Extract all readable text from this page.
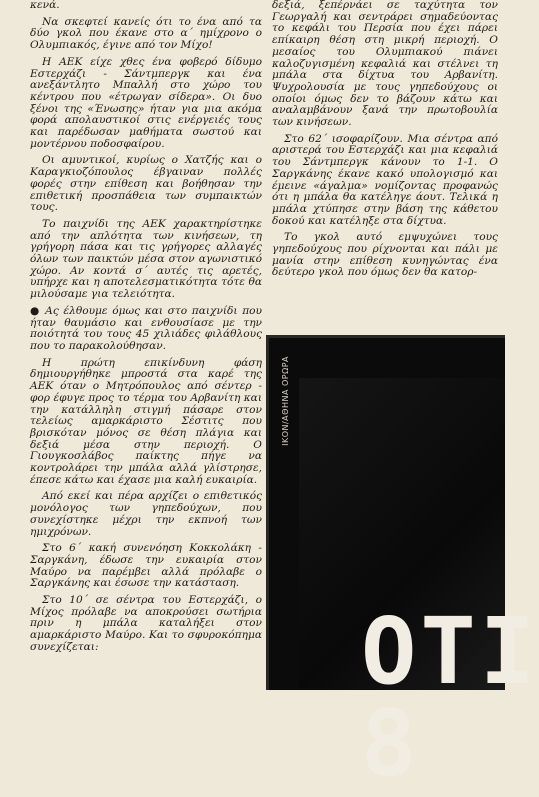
κενά.

Να σκεφτεί κανείς ότι το ένα από τα δύο γκολ που έκανε στο α΄ ημίχρονο ο Ολυμπιακός, έγινε από τον Μίχο!

Η ΑΕΚ είχε χθες ένα φοβερό δίδυμο Εστερχάζι - Σάντμπεργκ και ένα ανεξάντλητο Μπαλλή στο χώρο του κέντρου που «έτρωγαν σίδερα». Οι δυο ξένοι της «Ένωσης» ήταν για μια ακόμα φορά απολαυστικοί στις ενέργειές τους και παρέδωσαν μαθήματα σωστού και μοντέρνου ποδοσφαίρου.

Οι αμυντικοί, κυρίως ο Χατζής και ο Καραγκιοζόπουλος έβγαιναν πολλές φορές στην επίθεση και βοήθησαν την επιθετική προσπάθεια των συμπαικτών τους.

Το παιχνίδι της ΑΕΚ χαρακτηρίστηκε από την απλότητα των κινήσεων, τη γρήγορη πάσα και τις γρήγορες αλλαγές όλων των παικτών μέσα στον αγωνιστικό χώρο. Αν κοντά σ΄ αυτές τις αρετές, υπήρχε και η αποτελεσματικότητα τότε θα μιλούσαμε για τελειότητα.

● Ας έλθουμε όμως και στο παιχνίδι που ήταν θαυμάσιο και ενθουσίασε με την ποιότητά του τους 45 χιλιάδες φιλάθλους που το παρακολούθησαν.

Η πρώτη επικίνδυνη φάση δημιουργήθηκε μπροστά στα καρέ της ΑΕΚ όταν ο Μητρόπουλος από σέντερ - φορ έφυγε προς το τέρμα του Αρβανίτη και την κατάλληλη στιγμή πάσαρε στον τελείως αμαρκάριστο Σέστιτς που βρισκόταν μόνος σε θέση πλάγια και δεξιά μέσα στην περιοχή. Ο Γιουγκοσλάβος παίκτης πήγε να κοντρολάρει την μπάλα αλλά γλίστρησε, έπεσε κάτω και έχασε μια καλή ευκαιρία.

Από εκεί και πέρα αρχίζει ο επιθετικός μονόλογος των γηπεδούχων, που συνεχίστηκε μέχρι την εκπνοή των ημιχρόνων.

Στο 6΄ κακή συνενόηση Κοκκολάκη - Σαργκάνη, έδωσε την ευκαιρία στον Μαύρο να παρέμβει αλλά πρόλαβε ο Σαργκάνης και έσωσε την κατάσταση.

Στο 10΄ σε σέντρα του Εστερχάζι, ο Μίχος πρόλαβε να αποκρούσει σωτήρια πριν η μπάλα καταλήξει στον αμαρκάριστο Μαύρο. Και το σφυροκόπημα συνεχίζεται:

δεξιά, ξεπέρνάει σε ταχύτητα τον Γεωργαλή και σεντράρει σημαδεύοντας το κεφάλι του Περσία που έχει πάρει επίκαιρη θέση στη μικρή περιοχή. Ο μεσαίος του Ολυμπιακού πιάνει καλοζυγισμένη κεφαλιά και στέλνει τη μπάλα στα δίχτυα του Αρβανίτη. Ψυχρολουσία με τους γηπεδούχους οι οποίοι όμως δεν το βάζουν κάτω και αναλαμβάνουν ξανά την πρωτοβουλία των κινήσεων.

Στο 62΄ ισοφαρίζουν. Μια σέντρα από αριστερά του Εστερχάζι και μια κεφαλιά του Σάντμπεργκ κάνουν το 1-1. Ο Σαργκάνης έκανε κακό υπολογισμό και έμεινε «άγαλμα» νομίζοντας προφανώς ότι η μπάλα θα κατέληγε άουτ. Τελικά η μπάλα χτύπησε στην βάση της κάθετου δοκού και κατέληξε στα δίχτυα.

Το γκολ αυτό εμψυχώνει τους γηπεδούχους που ρίχνονται και πάλι με μανία στην επίθεση κυνηγώντας ένα δεύτερο γκολ που όμως δεν θα κατορ-

ΙΚΟΝ/ΑΘΗΝΑ ΟΡΩΡΑ
ΟΤΙ 8
